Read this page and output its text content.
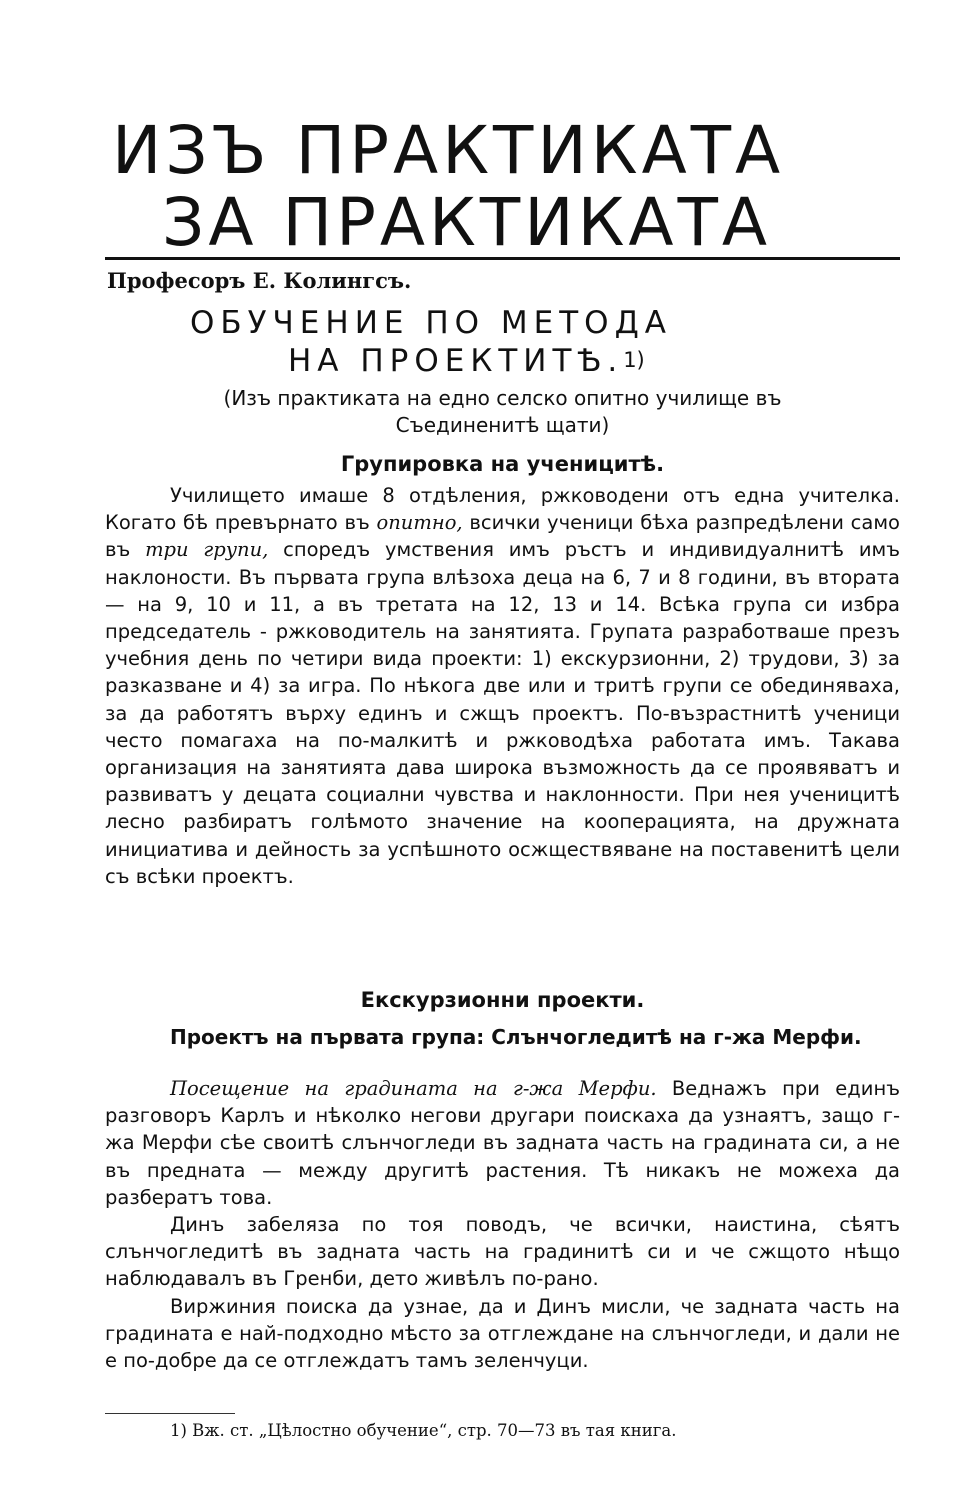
ИЗЪ ПРАКТИКАТА
ЗА ПРАКТИКАТА
Професоръ Е. Колингсъ.
ОБУЧЕНИЕ ПО МЕТОДА
НА ПРОЕКТИТѢ.1)
(Изъ практиката на едно селско опитно училище въ
Съединенитѣ щати)
Групировка на ученицитѣ.

Училището имаше 8 отдѣления, ржководени отъ една учителка. Когато бѣ превърнато въ опитно, всички ученици бѣха разпредѣлени само въ три групи, споредъ умствения имъ ръстъ и индивидуалнитѣ имъ наклоности. Въ първата група влѣзоха деца на 6, 7 и 8 години, въ втората — на 9, 10 и 11, а въ третата на 12, 13 и 14. Всѣка група си избра председатель - ржководитель на занятията. Групата разработваше презъ учебния день по четири вида проекти: 1) екскурзионни, 2) трудови, 3) за разказване и 4) за игра. По нѣкога две или и тритѣ групи се обединяваха, за да работятъ върху единъ и сжщъ проектъ. По-възрастнитѣ ученици често помагаха на по-малкитѣ и ржководѣха работата имъ. Такава организация на занятията дава широка възможность да се проявяватъ и развиватъ у децата социални чувства и наклонности. При нея ученицитѣ лесно разбиратъ голѣмото значение на кооперацията, на дружната инициатива и дейность за успѣшното осжществяване на поставенитѣ цели съ всѣки проектъ.

Екскурзионни проекти.
Проектъ на първата група: Слънчогледитѣ на г-жа Мерфи.

Посещение на градината на г-жа Мерфи. Веднажъ при единъ разговоръ Карлъ и нѣколко негови другари поискаха да узнаятъ, защо г-жа Мерфи сѣе своитѣ слънчогледи въ задната часть на градината си, а не въ предната — между другитѣ растения. Тѣ никакъ не можеха да разбератъ това.

Динъ забеляза по тоя поводъ, че всички, наистина, сѣятъ слънчогледитѣ въ задната часть на градинитѣ си и че сжщото нѣщо наблюдавалъ въ Гренби, дето живѣлъ по-рано.

Виржиния поиска да узнае, да и Динъ мисли, че задната часть на градината е най-подходно мѣсто за отглеждане на слънчогледи, и дали не е по-добре да се отглеждатъ тамъ зеленчуци.

1) Вж. ст. „Цѣлостно обучение“, стр. 70—73 въ тая книга.
